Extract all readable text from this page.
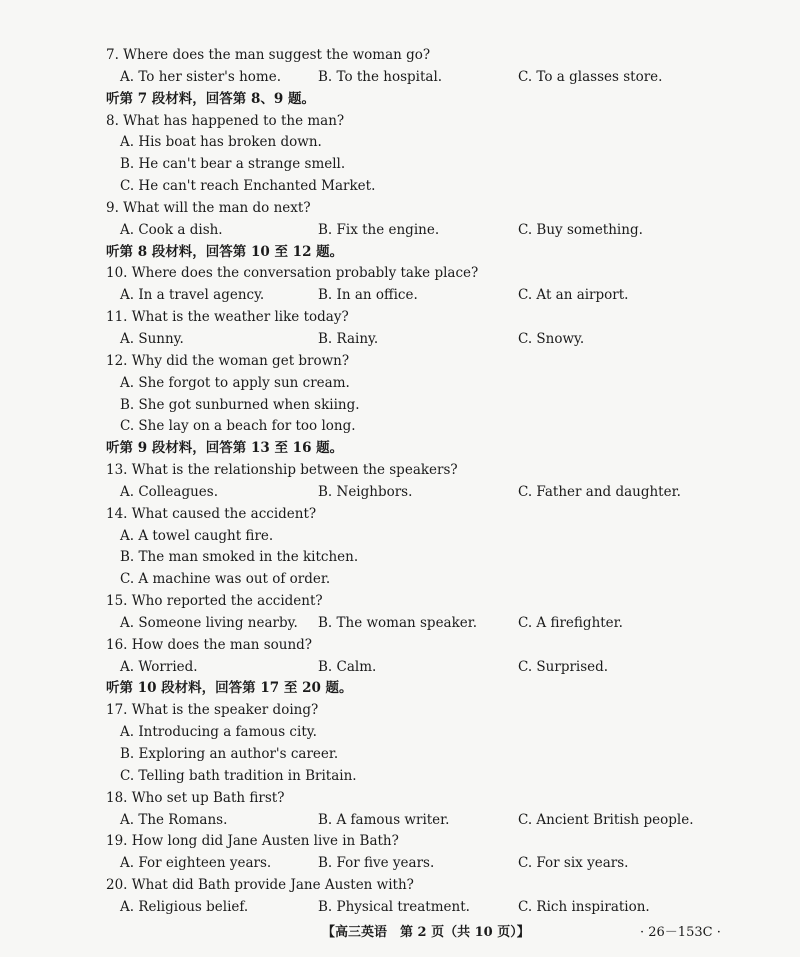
7. Where does the man suggest the woman go?
A. To her sister's home.	B. To the hospital.	C. To a glasses store.
听第 7 段材料，回答第 8、9 题。
8. What has happened to the man?
A. His boat has broken down.
B. He can't bear a strange smell.
C. He can't reach Enchanted Market.
9. What will the man do next?
A. Cook a dish.	B. Fix the engine.	C. Buy something.
听第 8 段材料，回答第 10 至 12 题。
10. Where does the conversation probably take place?
A. In a travel agency.	B. In an office.	C. At an airport.
11. What is the weather like today?
A. Sunny.	B. Rainy.	C. Snowy.
12. Why did the woman get brown?
A. She forgot to apply sun cream.
B. She got sunburned when skiing.
C. She lay on a beach for too long.
听第 9 段材料，回答第 13 至 16 题。
13. What is the relationship between the speakers?
A. Colleagues.	B. Neighbors.	C. Father and daughter.
14. What caused the accident?
A. A towel caught fire.
B. The man smoked in the kitchen.
C. A machine was out of order.
15. Who reported the accident?
A. Someone living nearby. B. The woman speaker.	C. A firefighter.
16. How does the man sound?
A. Worried.	B. Calm.	C. Surprised.
听第 10 段材料，回答第 17 至 20 题。
17. What is the speaker doing?
A. Introducing a famous city.
B. Exploring an author's career.
C. Telling bath tradition in Britain.
18. Who set up Bath first?
A. The Romans.	B. A famous writer.	C. Ancient British people.
19. How long did Jane Austen live in Bath?
A. For eighteen years.	B. For five years.	C. For six years.
20. What did Bath provide Jane Austen with?
A. Religious belief.	B. Physical treatment.	C. Rich inspiration.
【高三英语　第 2 页（共 10 页）】	· 26－153C ·
